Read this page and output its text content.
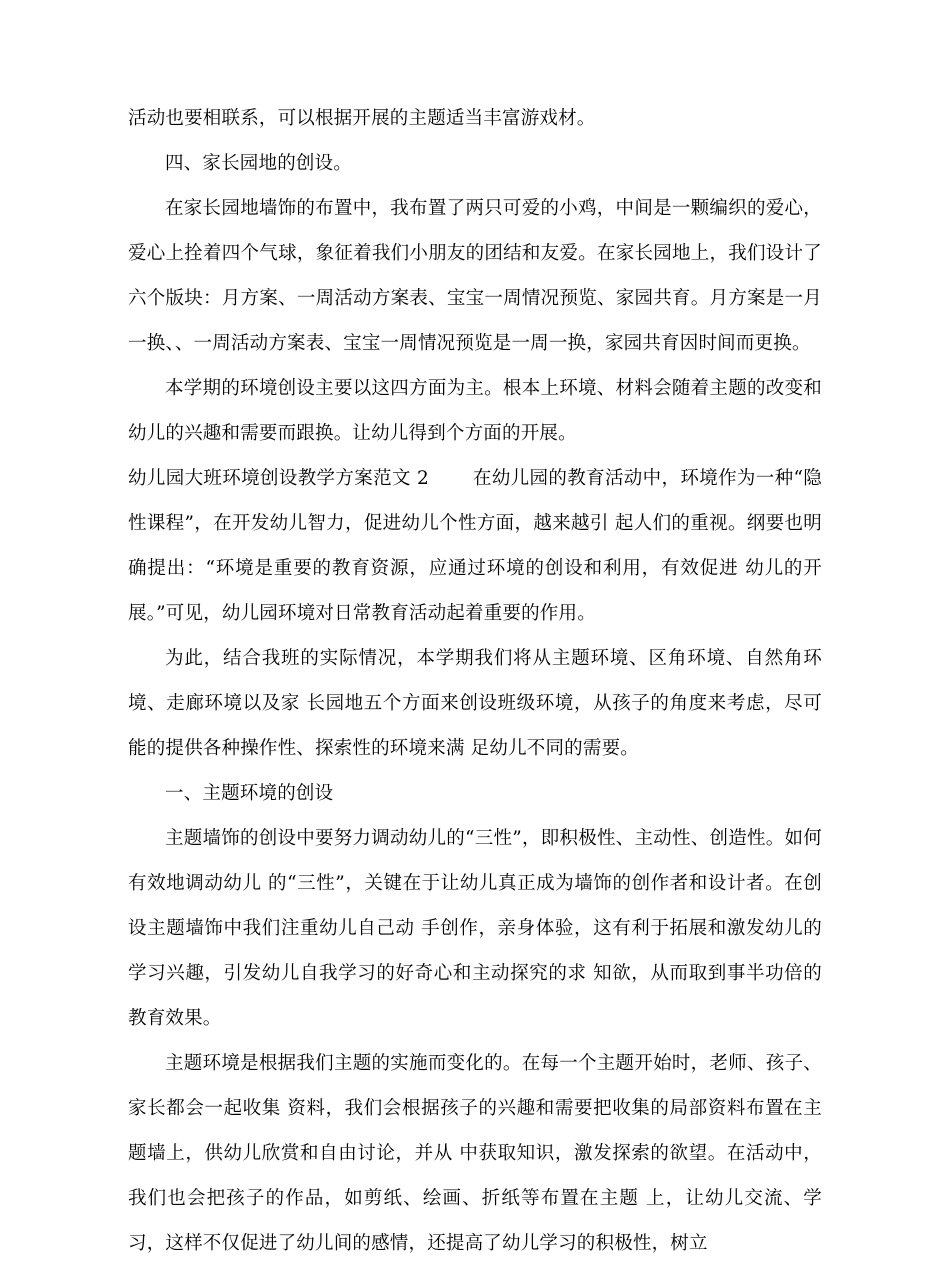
活动也要相联系，可以根据开展的主题适当丰富游戏材。

四、家长园地的创设。

在家长园地墙饰的布置中，我布置了两只可爱的小鸡，中间是一颗编织的爱心，爱心上拴着四个气球，象征着我们小朋友的团结和友爱。在家长园地上，我们设计了六个版块：月方案、一周活动方案表、宝宝一周情况预览、家园共育。月方案是一月一换、、一周活动方案表、宝宝一周情况预览是一周一换，家园共育因时间而更换。

本学期的环境创设主要以这四方面为主。根本上环境、材料会随着主题的改变和幼儿的兴趣和需要而跟换。让幼儿得到个方面的开展。

幼儿园大班环境创设教学方案范文 2 　　在幼儿园的教育活动中，环境作为一种“隐性课程”，在开发幼儿智力，促进幼儿个性方面，越来越引 起人们的重视。纲要也明确提出：“环境是重要的教育资源，应通过环境的创设和利用，有效促进 幼儿的开展。”可见，幼儿园环境对日常教育活动起着重要的作用。

为此，结合我班的实际情况，本学期我们将从主题环境、区角环境、自然角环境、走廊环境以及家 长园地五个方面来创设班级环境，从孩子的角度来考虑，尽可能的提供各种操作性、探索性的环境来满 足幼儿不同的需要。

一、主题环境的创设

主题墙饰的创设中要努力调动幼儿的“三性”，即积极性、主动性、创造性。如何有效地调动幼儿 的“三性”，关键在于让幼儿真正成为墙饰的创作者和设计者。在创设主题墙饰中我们注重幼儿自己动 手创作，亲身体验，这有利于拓展和激发幼儿的学习兴趣，引发幼儿自我学习的好奇心和主动探究的求 知欲，从而取到事半功倍的教育效果。

主题环境是根据我们主题的实施而变化的。在每一个主题开始时，老师、孩子、家长都会一起收集 资料，我们会根据孩子的兴趣和需要把收集的局部资料布置在主题墙上，供幼儿欣赏和自由讨论，并从 中获取知识，激发探索的欲望。在活动中，我们也会把孩子的作品，如剪纸、绘画、折纸等布置在主题 上，让幼儿交流、学习，这样不仅促进了幼儿间的感情，还提高了幼儿学习的积极性，树立
